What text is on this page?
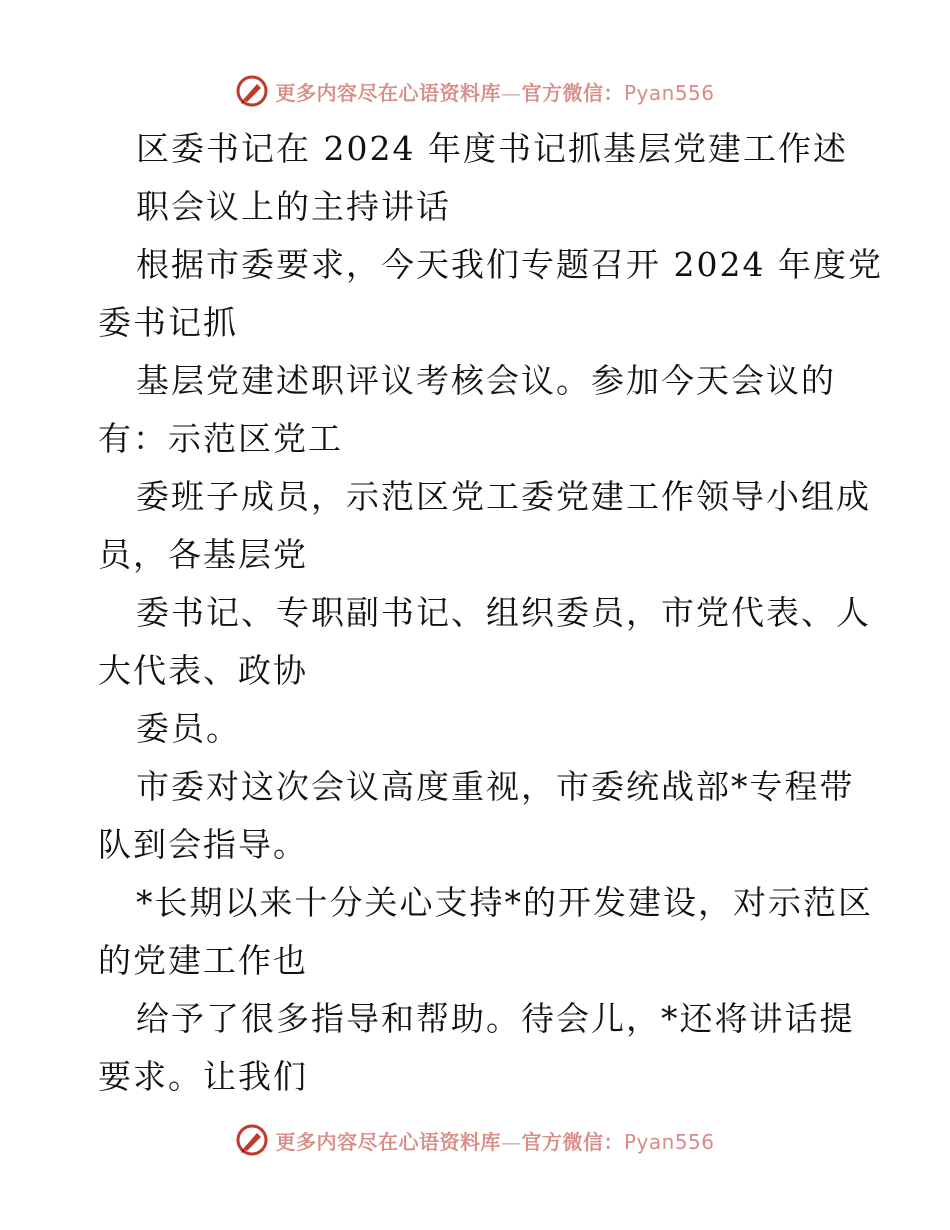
更多内容尽在心语资料库—官方微信：Pyan556
区委书记在 2024 年度书记抓基层党建工作述
职会议上的主持讲话
根据市委要求，今天我们专题召开 2024 年度党
委书记抓
基层党建述职评议考核会议。参加今天会议的
有：示范区党工
委班子成员，示范区党工委党建工作领导小组成
员，各基层党
委书记、专职副书记、组织委员，市党代表、人
大代表、政协
委员。
市委对这次会议高度重视，市委统战部*专程带
队到会指导。
*长期以来十分关心支持*的开发建设，对示范区
的党建工作也
给予了很多指导和帮助。待会儿，*还将讲话提
要求。让我们
更多内容尽在心语资料库—官方微信：Pyan556
